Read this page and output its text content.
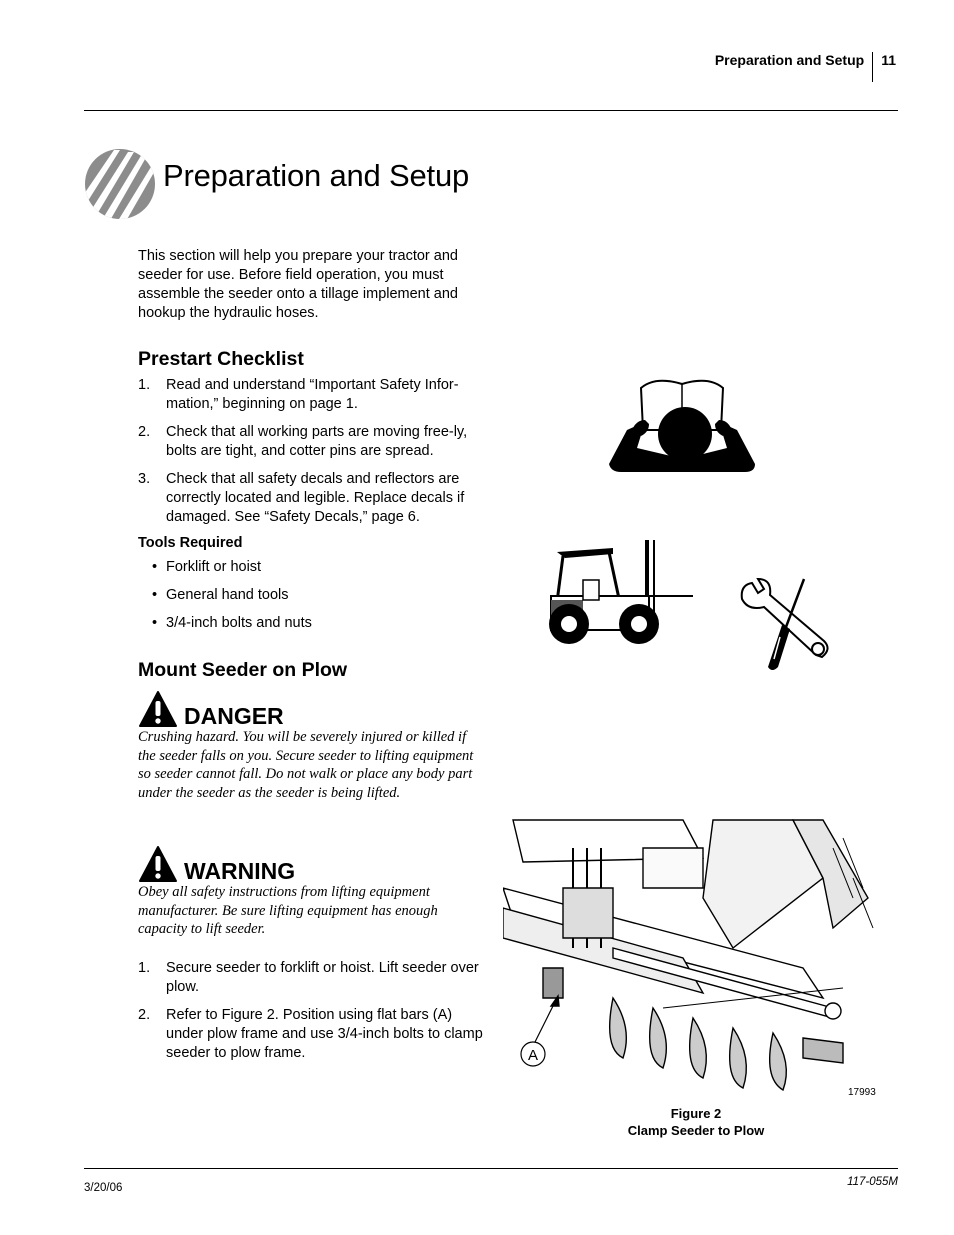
Preparation and Setup 11
Preparation and Setup
This section will help you prepare your tractor and seeder for use. Before field operation, you must assemble the seeder onto a tillage implement and hookup the hydraulic hoses.
Prestart Checklist
1. Read and understand “Important Safety Infor-mation,” beginning on page 1.
2. Check that all working parts are moving free-ly, bolts are tight, and cotter pins are spread.
3. Check that all safety decals and reflectors are correctly located and legible. Replace decals if damaged. See “Safety Decals,” page 6.
Tools Required
• Forklift or hoist
• General hand tools
• 3/4-inch bolts and nuts
Mount Seeder on Plow
DANGER
Crushing hazard. You will be severely injured or killed if the seeder falls on you. Secure seeder to lifting equipment so seeder cannot fall. Do not walk or place any body part under the seeder as the seeder is being lifted.
WARNING
Obey all safety instructions from lifting equipment manufacturer. Be sure lifting equipment has enough capacity to lift seeder.
1. Secure seeder to forklift or hoist. Lift seeder over plow.
2. Refer to Figure 2. Position using flat bars (A) under plow frame and use 3/4-inch bolts to clamp seeder to plow frame.	A
17993
Figure 2
Clamp Seeder to Plow
3/20/06	117-055M
